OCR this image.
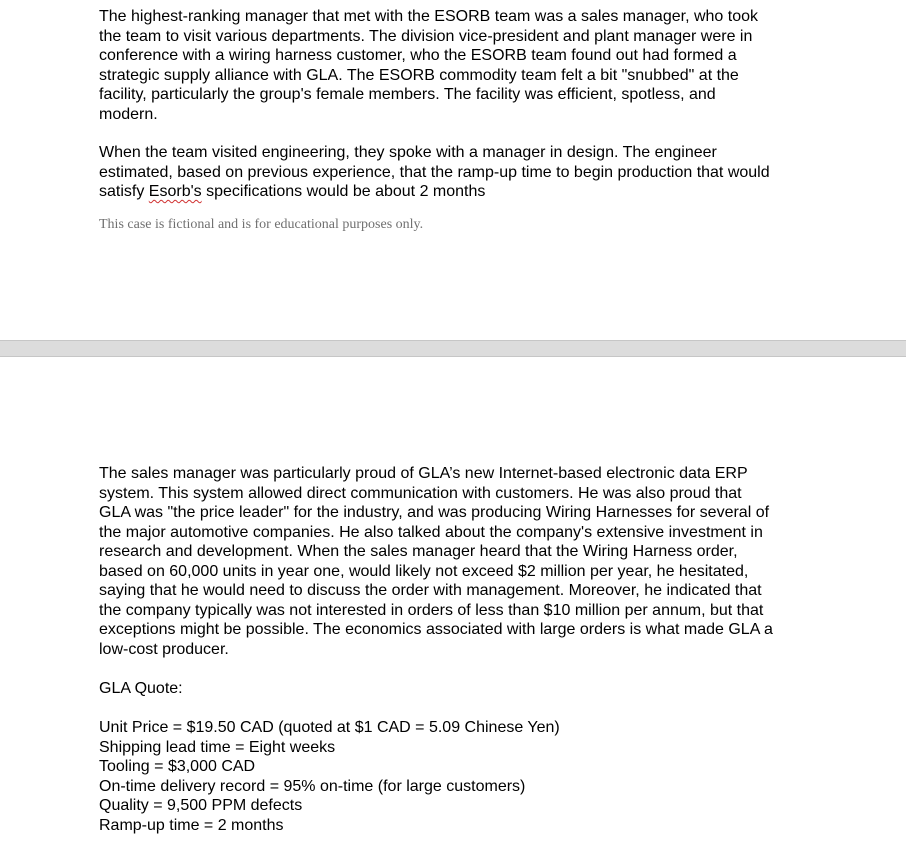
The highest-ranking manager that met with the ESORB team was a sales manager, who took
the team to visit various departments. The division vice-president and plant manager were in
conference with a wiring harness customer, who the ESORB team found out had formed a
strategic supply alliance with GLA. The ESORB commodity team felt a bit "snubbed" at the
facility, particularly the group's female members. The facility was efficient, spotless, and
modern.

When the team visited engineering, they spoke with a manager in design. The engineer
estimated, based on previous experience, that the ramp-up time to begin production that would
satisfy Esorb's specifications would be about 2 months

This case is fictional and is for educational purposes only.

The sales manager was particularly proud of GLA’s new Internet-based electronic data ERP
system. This system allowed direct communication with customers. He was also proud that
GLA was "the price leader" for the industry, and was producing Wiring Harnesses for several of
the major automotive companies. He also talked about the company's extensive investment in
research and development. When the sales manager heard that the Wiring Harness order,
based on 60,000 units in year one, would likely not exceed $2 million per year, he hesitated,
saying that he would need to discuss the order with management. Moreover, he indicated that
the company typically was not interested in orders of less than $10 million per annum, but that
exceptions might be possible. The economics associated with large orders is what made GLA a
low-cost producer.

GLA Quote:

Unit Price = $19.50 CAD (quoted at $1 CAD = 5.09 Chinese Yen)
Shipping lead time = Eight weeks
Tooling = $3,000 CAD
On-time delivery record = 95% on-time (for large customers)
Quality = 9,500 PPM defects
Ramp-up time = 2 months
